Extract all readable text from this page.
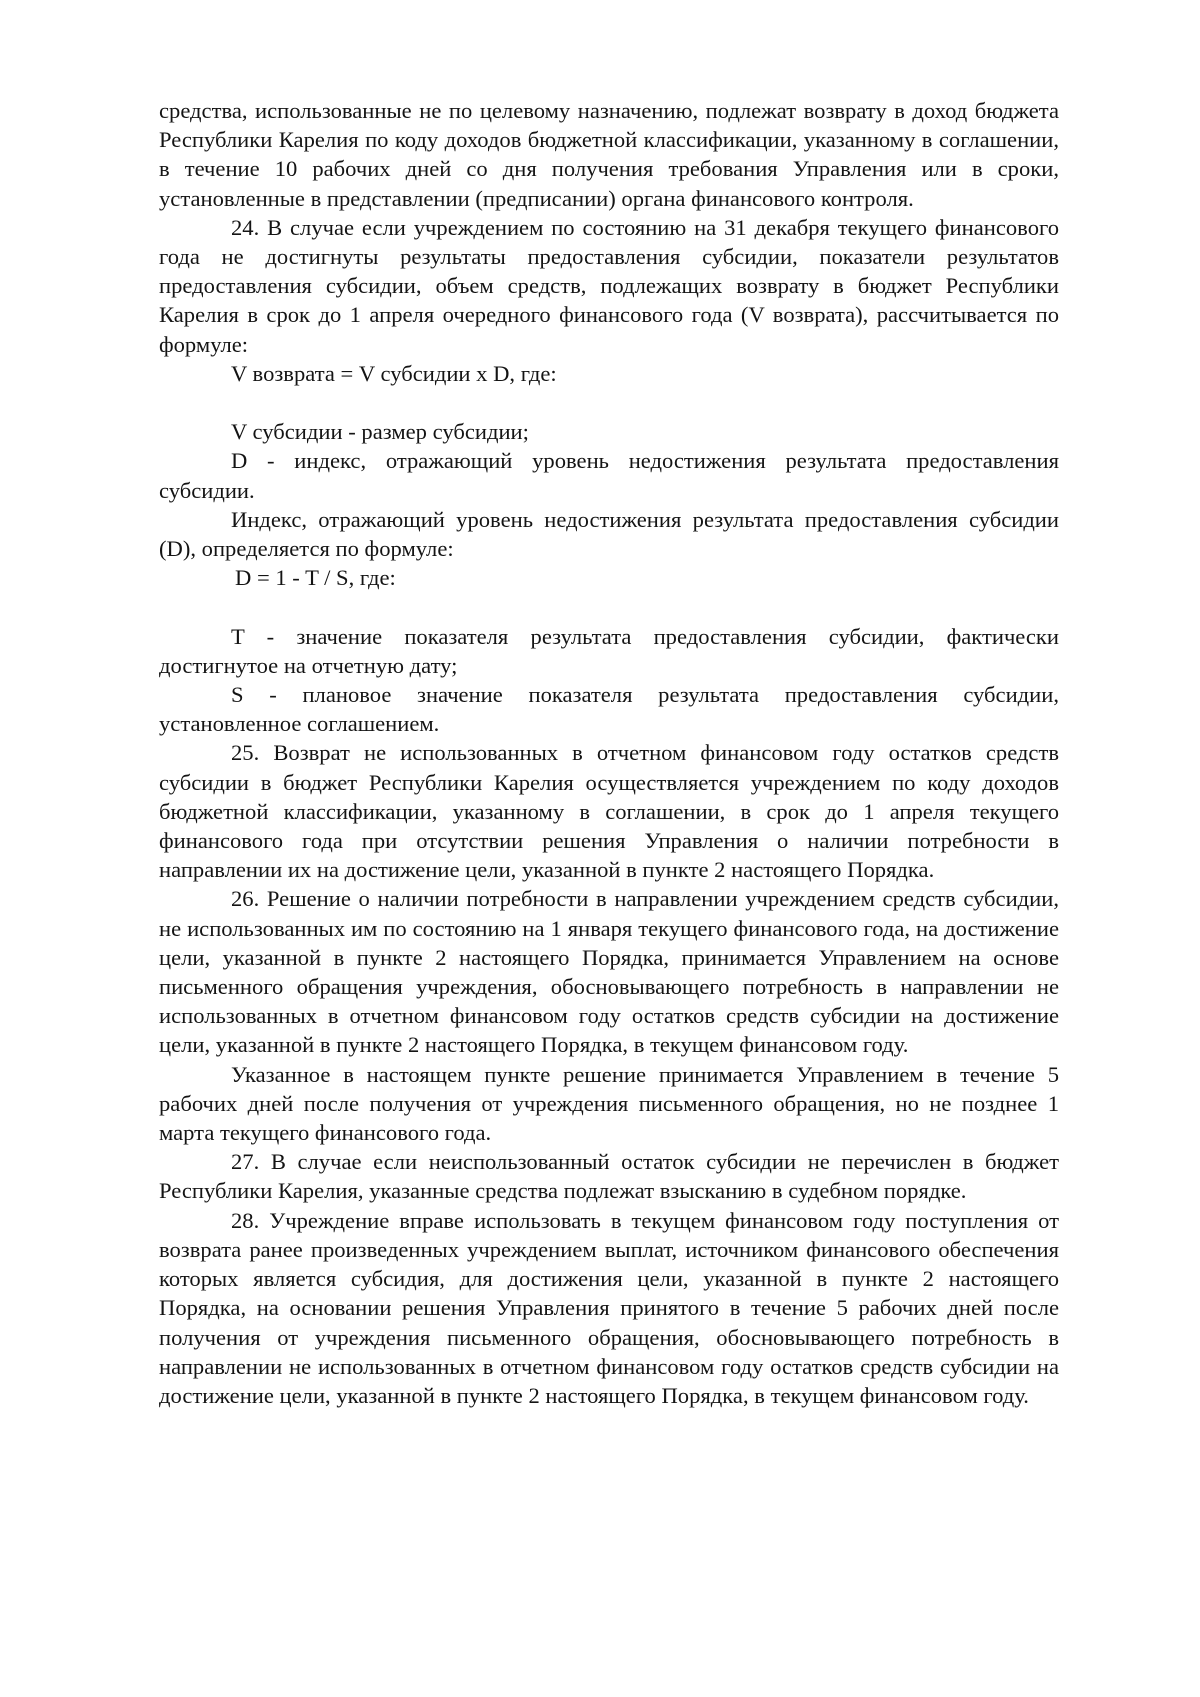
средства, использованные не по целевому назначению, подлежат возврату в доход бюджета Республики Карелия по коду доходов бюджетной классификации, указанному в соглашении, в течение 10 рабочих дней со дня получения требования Управления или в сроки, установленные в представлении (предписании) органа финансового контроля.

24. В случае если учреждением по состоянию на 31 декабря текущего финансового года не достигнуты результаты предоставления субсидии, показатели результатов предоставления субсидии, объем средств, подлежащих возврату в бюджет Республики Карелия в срок до 1 апреля очередного финансового года (V возврата), рассчитывается по формуле:

V возврата = V субсидии x D, где:

V субсидии - размер субсидии;

D - индекс, отражающий уровень недостижения результата предоставления субсидии.

Индекс, отражающий уровень недостижения результата предоставления субсидии (D), определяется по формуле:

D = 1 - T / S, где:

T - значение показателя результата предоставления субсидии, фактически достигнутое на отчетную дату;

S - плановое значение показателя результата предоставления субсидии, установленное соглашением.

25. Возврат не использованных в отчетном финансовом году остатков средств субсидии в бюджет Республики Карелия осуществляется учреждением по коду доходов бюджетной классификации, указанному в соглашении, в срок до 1 апреля текущего финансового года при отсутствии решения Управления о наличии потребности в направлении их на достижение цели, указанной в пункте 2 настоящего Порядка.

26. Решение о наличии потребности в направлении учреждением средств субсидии, не использованных им по состоянию на 1 января текущего финансового года, на достижение цели, указанной в пункте 2 настоящего Порядка, принимается Управлением на основе письменного обращения учреждения, обосновывающего потребность в направлении не использованных в отчетном финансовом году остатков средств субсидии на достижение цели, указанной в пункте 2 настоящего Порядка, в текущем финансовом году.

Указанное в настоящем пункте решение принимается Управлением в течение 5 рабочих дней после получения от учреждения письменного обращения, но не позднее 1 марта текущего финансового года.

27. В случае если неиспользованный остаток субсидии не перечислен в бюджет Республики Карелия, указанные средства подлежат взысканию в судебном порядке.

28. Учреждение вправе использовать в текущем финансовом году поступления от возврата ранее произведенных учреждением выплат, источником финансового обеспечения которых является субсидия, для достижения цели, указанной в пункте 2 настоящего Порядка, на основании решения Управления принятого в течение 5 рабочих дней после получения от учреждения письменного обращения, обосновывающего потребность в направлении не использованных в отчетном финансовом году остатков средств субсидии на достижение цели, указанной в пункте 2 настоящего Порядка, в текущем финансовом году.
